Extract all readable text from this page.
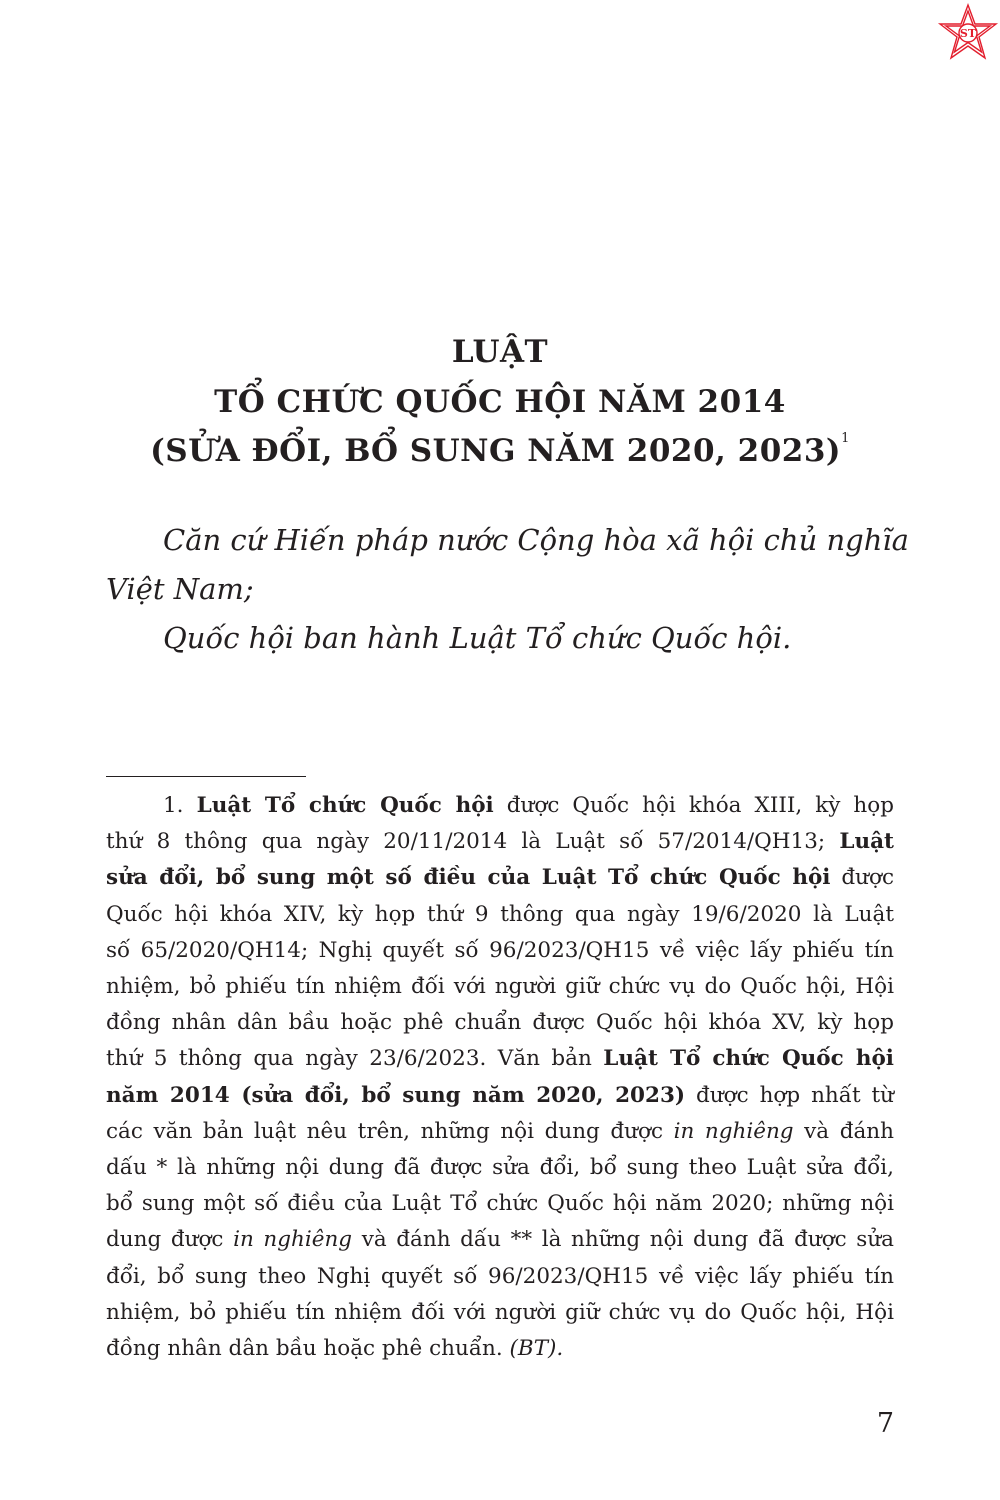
ST
LUẬT
TỔ CHỨC QUỐC HỘI NĂM 2014
(SỬA ĐỔI, BỔ SUNG NĂM 2020, 2023)$^1$
Căn cứ Hiến pháp nước Cộng hòa xã hội chủ nghĩa
Việt Nam;
Quốc hội ban hành Luật Tổ chức Quốc hội.
1. Luật Tổ chức Quốc hội được Quốc hội khóa XIII, kỳ họp
thứ 8 thông qua ngày 20/11/2014 là Luật số 57/2014/QH13; Luật
sửa đổi, bổ sung một số điều của Luật Tổ chức Quốc hội được
Quốc hội khóa XIV, kỳ họp thứ 9 thông qua ngày 19/6/2020 là Luật
số 65/2020/QH14; Nghị quyết số 96/2023/QH15 về việc lấy phiếu tín
nhiệm, bỏ phiếu tín nhiệm đối với người giữ chức vụ do Quốc hội, Hội
đồng nhân dân bầu hoặc phê chuẩn được Quốc hội khóa XV, kỳ họp
thứ 5 thông qua ngày 23/6/2023. Văn bản Luật Tổ chức Quốc hội
năm 2014 (sửa đổi, bổ sung năm 2020, 2023) được hợp nhất từ
các văn bản luật nêu trên, những nội dung được in nghiêng và đánh
dấu * là những nội dung đã được sửa đổi, bổ sung theo Luật sửa đổi,
bổ sung một số điều của Luật Tổ chức Quốc hội năm 2020; những nội
dung được in nghiêng và đánh dấu ** là những nội dung đã được sửa
đổi, bổ sung theo Nghị quyết số 96/2023/QH15 về việc lấy phiếu tín
nhiệm, bỏ phiếu tín nhiệm đối với người giữ chức vụ do Quốc hội, Hội
đồng nhân dân bầu hoặc phê chuẩn. (BT).
7
